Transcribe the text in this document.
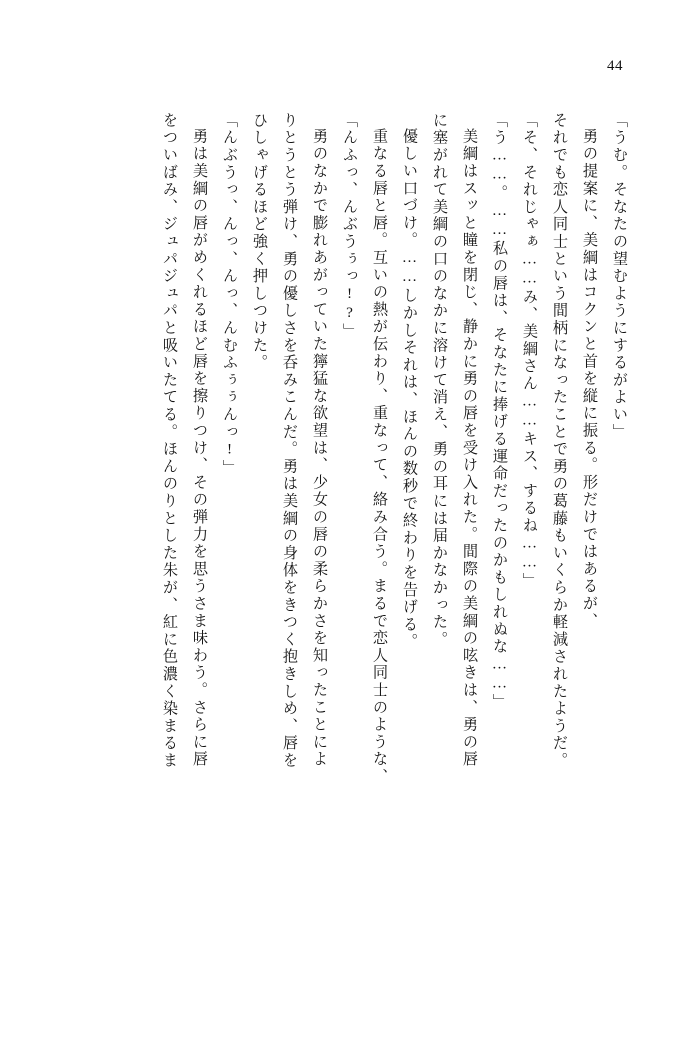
44
「うむ。そなたの望むようにするがよい」
勇の提案に、美綱はコクンと首を縦に振る。形だけではあるが、
それでも恋人同士という間柄になったことで勇の葛藤もいくらか軽減されたようだ。
「そ、それじゃぁ……み、美綱さん……キス、するね……」
「う……。……私の唇は、そなたに捧げる運命だったのかもしれぬな……」
美綱はスッと瞳を閉じ、静かに勇の唇を受け入れた。間際の美綱の呟きは、勇の唇
に塞がれて美綱の口のなかに溶けて消え、勇の耳には届かなかった。
優しい口づけ。……しかしそれは、ほんの数秒で終わりを告げる。
重なる唇と唇。互いの熱が伝わり、重なって、絡み合う。まるで恋人同士のような、
「んふっ、んぶうぅっ!?」
勇のなかで膨れあがっていた獰猛な欲望は、少女の唇の柔らかさを知ったことによ
りとうとう弾け、勇の優しさを呑みこんだ。勇は美綱の身体をきつく抱きしめ、唇を
ひしゃげるほど強く押しつけた。
「んぶうっ、んっ、んっ、んむふぅぅんっ!」
勇は美綱の唇がめくれるほど唇を擦りつけ、その弾力を思うさま味わう。さらに唇
をついばみ、ジュパジュパと吸いたてる。ほんのりとした朱が、紅に色濃く染まるま
